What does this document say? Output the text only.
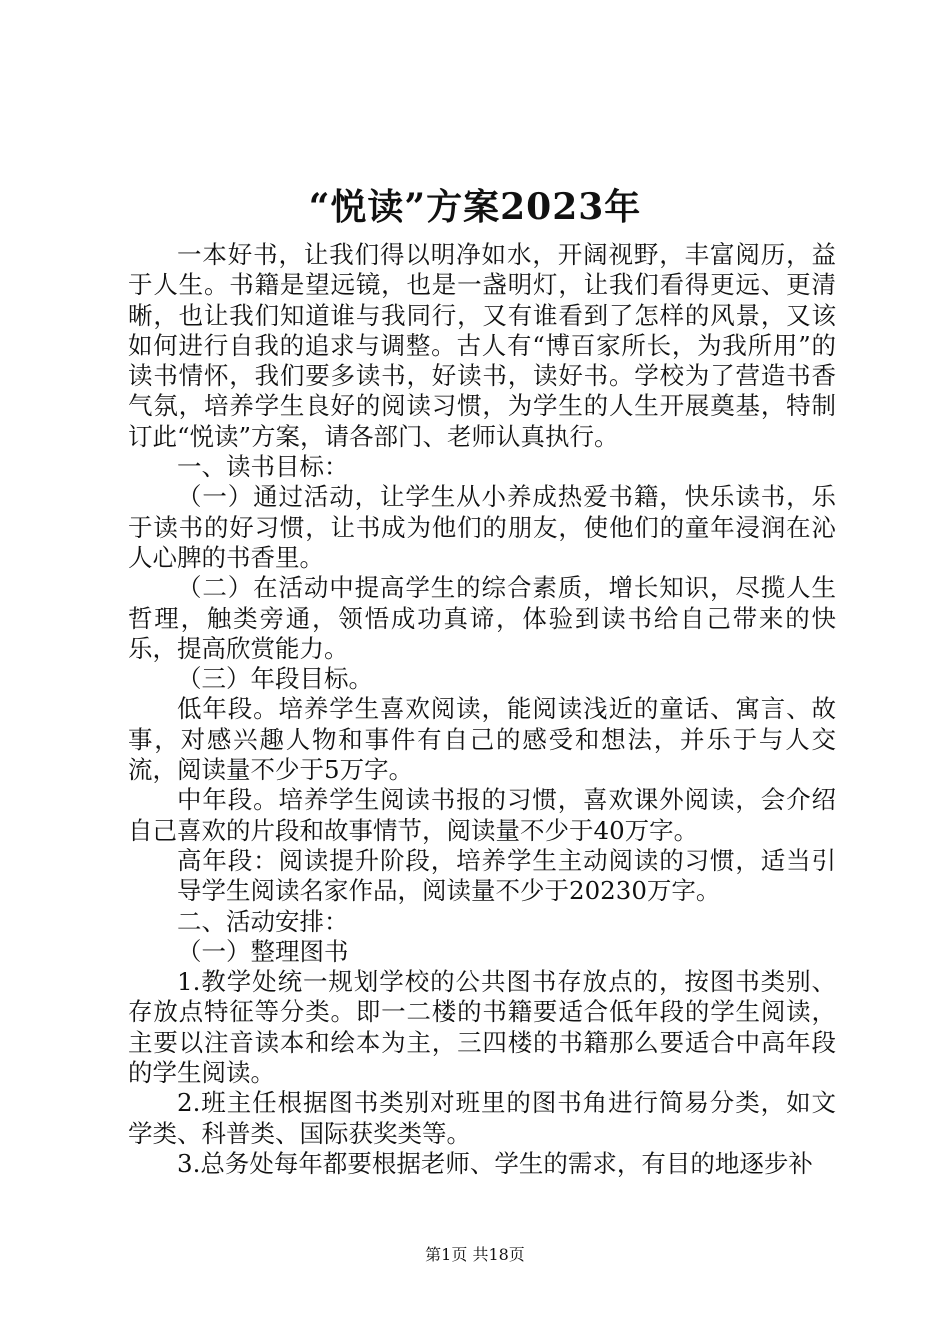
“悦读”方案2023年

一本好书，让我们得以明净如水，开阔视野，丰富阅历，益于人生。书籍是望远镜，也是一盏明灯，让我们看得更远、更清晰，也让我们知道谁与我同行，又有谁看到了怎样的风景，又该如何进行自我的追求与调整。古人有“博百家所长，为我所用”的读书情怀，我们要多读书，好读书，读好书。学校为了营造书香气氛，培养学生良好的阅读习惯，为学生的人生开展奠基，特制订此“悦读”方案，请各部门、老师认真执行。

一、读书目标：

（一）通过活动，让学生从小养成热爱书籍，快乐读书，乐于读书的好习惯，让书成为他们的朋友，使他们的童年浸润在沁人心脾的书香里。

（二）在活动中提高学生的综合素质，增长知识，尽揽人生哲理，触类旁通，领悟成功真谛，体验到读书给自己带来的快乐，提高欣赏能力。

（三）年段目标。

低年段。培养学生喜欢阅读，能阅读浅近的童话、寓言、故事，对感兴趣人物和事件有自己的感受和想法，并乐于与人交流，阅读量不少于5万字。

中年段。培养学生阅读书报的习惯，喜欢课外阅读，会介绍自己喜欢的片段和故事情节，阅读量不少于40万字。

高年段：阅读提升阶段，培养学生主动阅读的习惯，适当引导学生阅读名家作品，阅读量不少于20230万字。

二、活动安排：

（一）整理图书

1.教学处统一规划学校的公共图书存放点的，按图书类别、存放点特征等分类。即一二楼的书籍要适合低年段的学生阅读，主要以注音读本和绘本为主，三四楼的书籍那么要适合中高年段的学生阅读。

2.班主任根据图书类别对班里的图书角进行简易分类，如文学类、科普类、国际获奖类等。

3.总务处每年都要根据老师、学生的需求，有目的地逐步补

第1页 共18页
